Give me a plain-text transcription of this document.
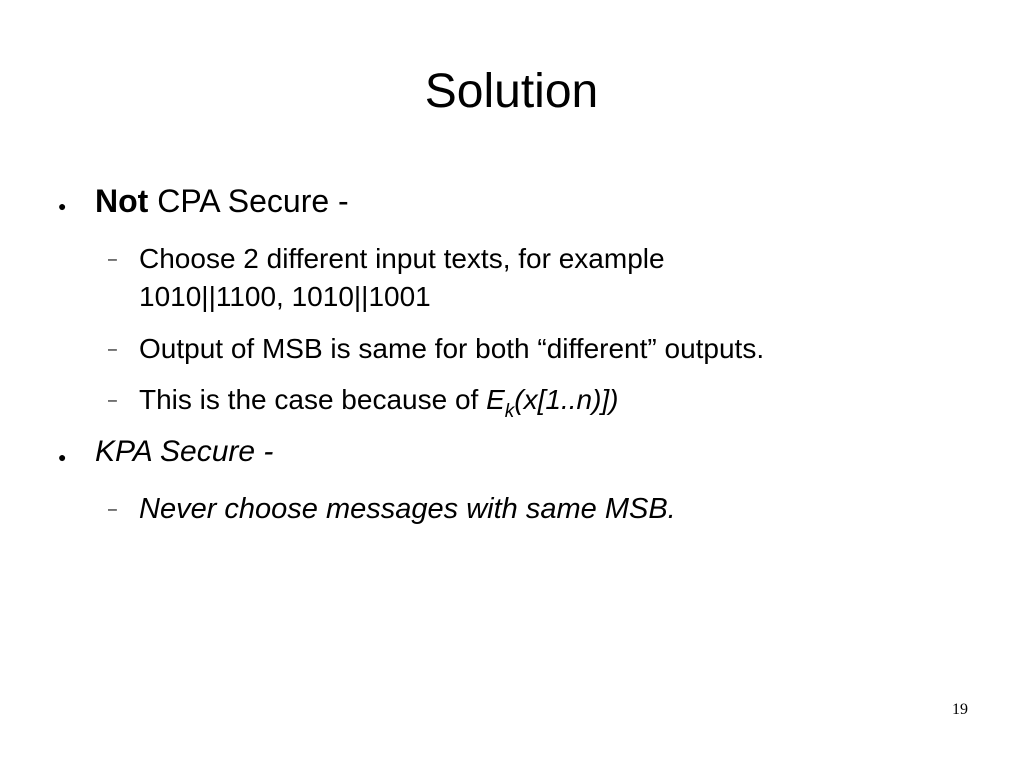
Solution
● Not CPA Secure -
– Choose 2 different input texts, for example
1010||1100, 1010||1001
– Output of MSB is same for both “different” outputs.
– This is the case because of $E_k(x[1..n)]$)
● KPA Secure -
– Never choose messages with same MSB.
19
